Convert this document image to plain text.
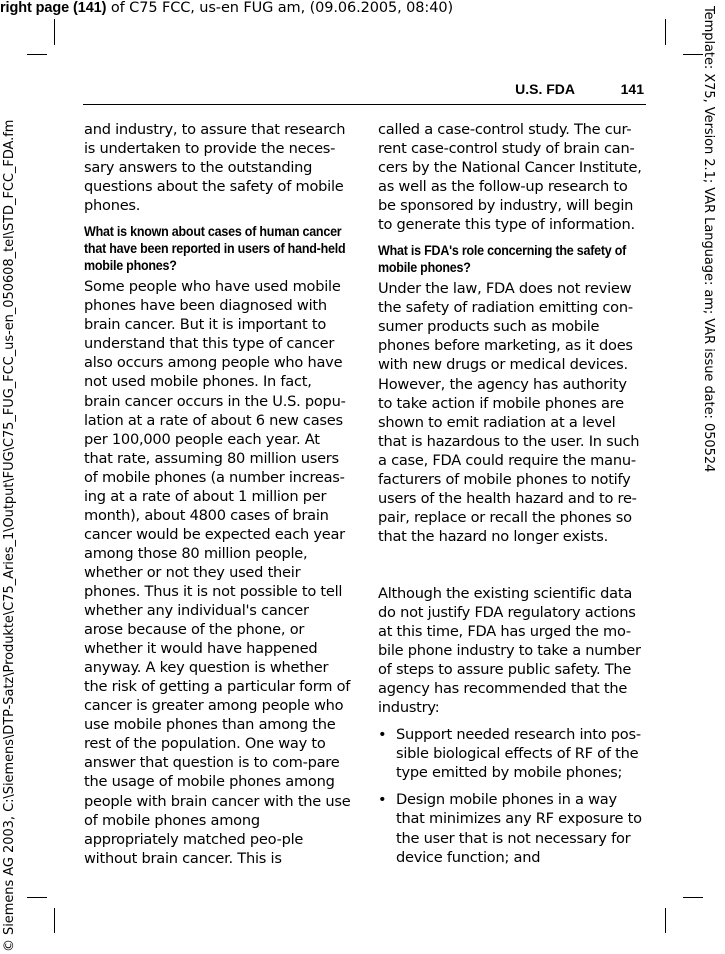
right page (141) of C75 FCC, us-en FUG am, (09.06.2005, 08:40)	Template: X75, Version 2.1; VAR Language: am; VAR issue date: 050524
© Siemens AG 2003, C:\Siemens\DTP-Satz\Produkte\C75_Aries_1\Output\FUG\C75_FUG_FCC_us-en_050608_tel\STD_FCC_FDA.fm
U.S. FDA	141

and industry, to assure that research is undertaken to provide the neces-sary answers to the outstanding questions about the safety of mobile phones.

What is known about cases of human cancer that have been reported in users of hand-held mobile phones?

Some people who have used mobile phones have been diagnosed with brain cancer. But it is important to understand that this type of cancer also occurs among people who have not used mobile phones. In fact, brain cancer occurs in the U.S. popu-lation at a rate of about 6 new cases per 100,000 people each year. At that rate, assuming 80 million users of mobile phones (a number increas-ing at a rate of about 1 million per month), about 4800 cases of brain cancer would be expected each year among those 80 million people, whether or not they used their phones. Thus it is not possible to tell whether any individual's cancer arose because of the phone, or whether it would have happened anyway. A key question is whether the risk of getting a particular form of cancer is greater among people who use mobile phones than among the rest of the population. One way to answer that question is to com-pare the usage of mobile phones among people with brain cancer with the use of mobile phones among appropriately matched peo-ple without brain cancer. This is

called a case-control study. The cur-rent case-control study of brain can-cers by the National Cancer Institute, as well as the follow-up research to be sponsored by industry, will begin to generate this type of information.

What is FDA's role concerning the safety of mobile phones?

Under the law, FDA does not review the safety of radiation emitting con-sumer products such as mobile phones before marketing, as it does with new drugs or medical devices. However, the agency has authority to take action if mobile phones are shown to emit radiation at a level that is hazardous to the user. In such a case, FDA could require the manu-facturers of mobile phones to notify users of the health hazard and to re-pair, replace or recall the phones so that the hazard no longer exists.

Although the existing scientific data do not justify FDA regulatory actions at this time, FDA has urged the mo-bile phone industry to take a number of steps to assure public safety. The agency has recommended that the industry:

• Support needed research into pos-sible biological effects of RF of the type emitted by mobile phones;
• Design mobile phones in a way that minimizes any RF exposure to the user that is not necessary for device function; and
